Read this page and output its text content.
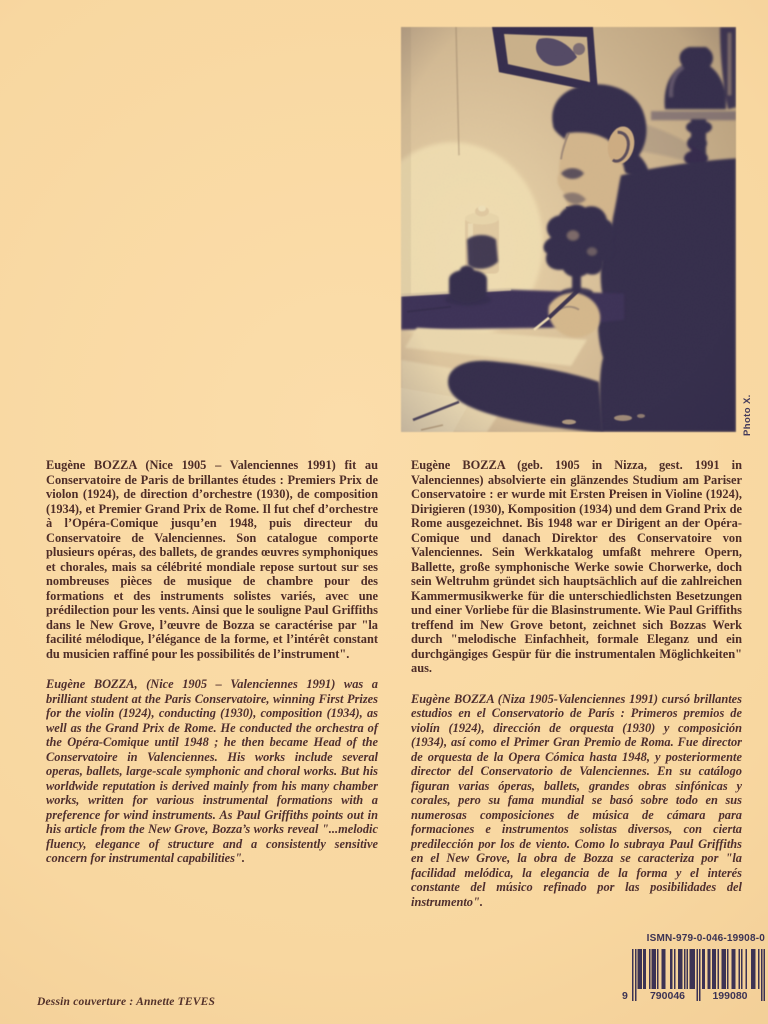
Photo X.

Eugène BOZZA (Nice 1905 – Valenciennes 1991) fit au Conservatoire de Paris de brillantes études : Premiers Prix de violon (1924), de direction d’orchestre (1930), de composition (1934), et Premier Grand Prix de Rome. Il fut chef d’orchestre à l’Opéra-Comique jusqu’en 1948, puis directeur du Conservatoire de Valenciennes. Son catalogue comporte plusieurs opéras, des ballets, de grandes œuvres symphoniques et chorales, mais sa célébrité mondiale repose surtout sur ses nombreuses pièces de musique de chambre pour des formations et des instruments solistes variés, avec une prédilection pour les vents. Ainsi que le souligne Paul Griffiths dans le New Grove, l’œuvre de Bozza se caractérise par "la facilité mélodique, l’élégance de la forme, et l’intérêt constant du musicien raffiné pour les possibilités de l’instrument".

Eugène BOZZA, (Nice 1905 – Valenciennes 1991) was a brilliant student at the Paris Conservatoire, winning First Prizes for the violin (1924), conducting (1930), composition (1934), as well as the Grand Prix de Rome. He conducted the orchestra of the Opéra-Comique until 1948 ; he then became Head of the Conservatoire in Valenciennes. His works include several operas, ballets, large-scale symphonic and choral works. But his worldwide reputation is derived mainly from his many chamber works, written for various instrumental formations with a preference for wind instruments. As Paul Griffiths points out in his article from the New Grove, Bozza’s works reveal "...melodic fluency, elegance of structure and a consistently sensitive concern for instrumental capabilities".

Eugène BOZZA (geb. 1905 in Nizza, gest. 1991 in Valenciennes) absolvierte ein glänzendes Studium am Pariser Conservatoire : er wurde mit Ersten Preisen in Violine (1924), Dirigieren (1930), Komposition (1934) und dem Grand Prix de Rome ausgezeichnet. Bis 1948 war er Dirigent an der Opéra-Comique und danach Direktor des Conservatoire von Valenciennes. Sein Werkkatalog umfaßt mehrere Opern, Ballette, große symphonische Werke sowie Chorwerke, doch sein Weltruhm gründet sich hauptsächlich auf die zahlreichen Kammermusikwerke für die unterschiedlichsten Besetzungen und einer Vorliebe für die Blasinstrumente. Wie Paul Griffiths treffend im New Grove betont, zeichnet sich Bozzas Werk durch "melodische Einfachheit, formale Eleganz und ein durchgängiges Gespür für die instrumentalen Möglichkeiten" aus.

Eugène BOZZA (Niza 1905-Valenciennes 1991) cursó brillantes estudios en el Conservatorio de París : Primeros premios de violín (1924), dirección de orquesta (1930) y composición (1934), así como el Primer Gran Premio de Roma. Fue director de orquesta de la Opera Cómica hasta 1948, y posteriormente director del Conservatorio de Valenciennes. En su catálogo figuran varias óperas, ballets, grandes obras sinfónicas y corales, pero su fama mundial se basó sobre todo en sus numerosas composiciones de música de cámara para formaciones e instrumentos solistas diversos, con cierta predilección por los de viento. Como lo subraya Paul Griffiths en el New Grove, la obra de Bozza se caracteriza por "la facilidad melódica, la elegancia de la forma y el interés constante del músico refinado por las posibilidades del instrumento".

Dessin couverture : Annette TEVES
ISMN-979-0-046-19908-0
9	790046	199080
